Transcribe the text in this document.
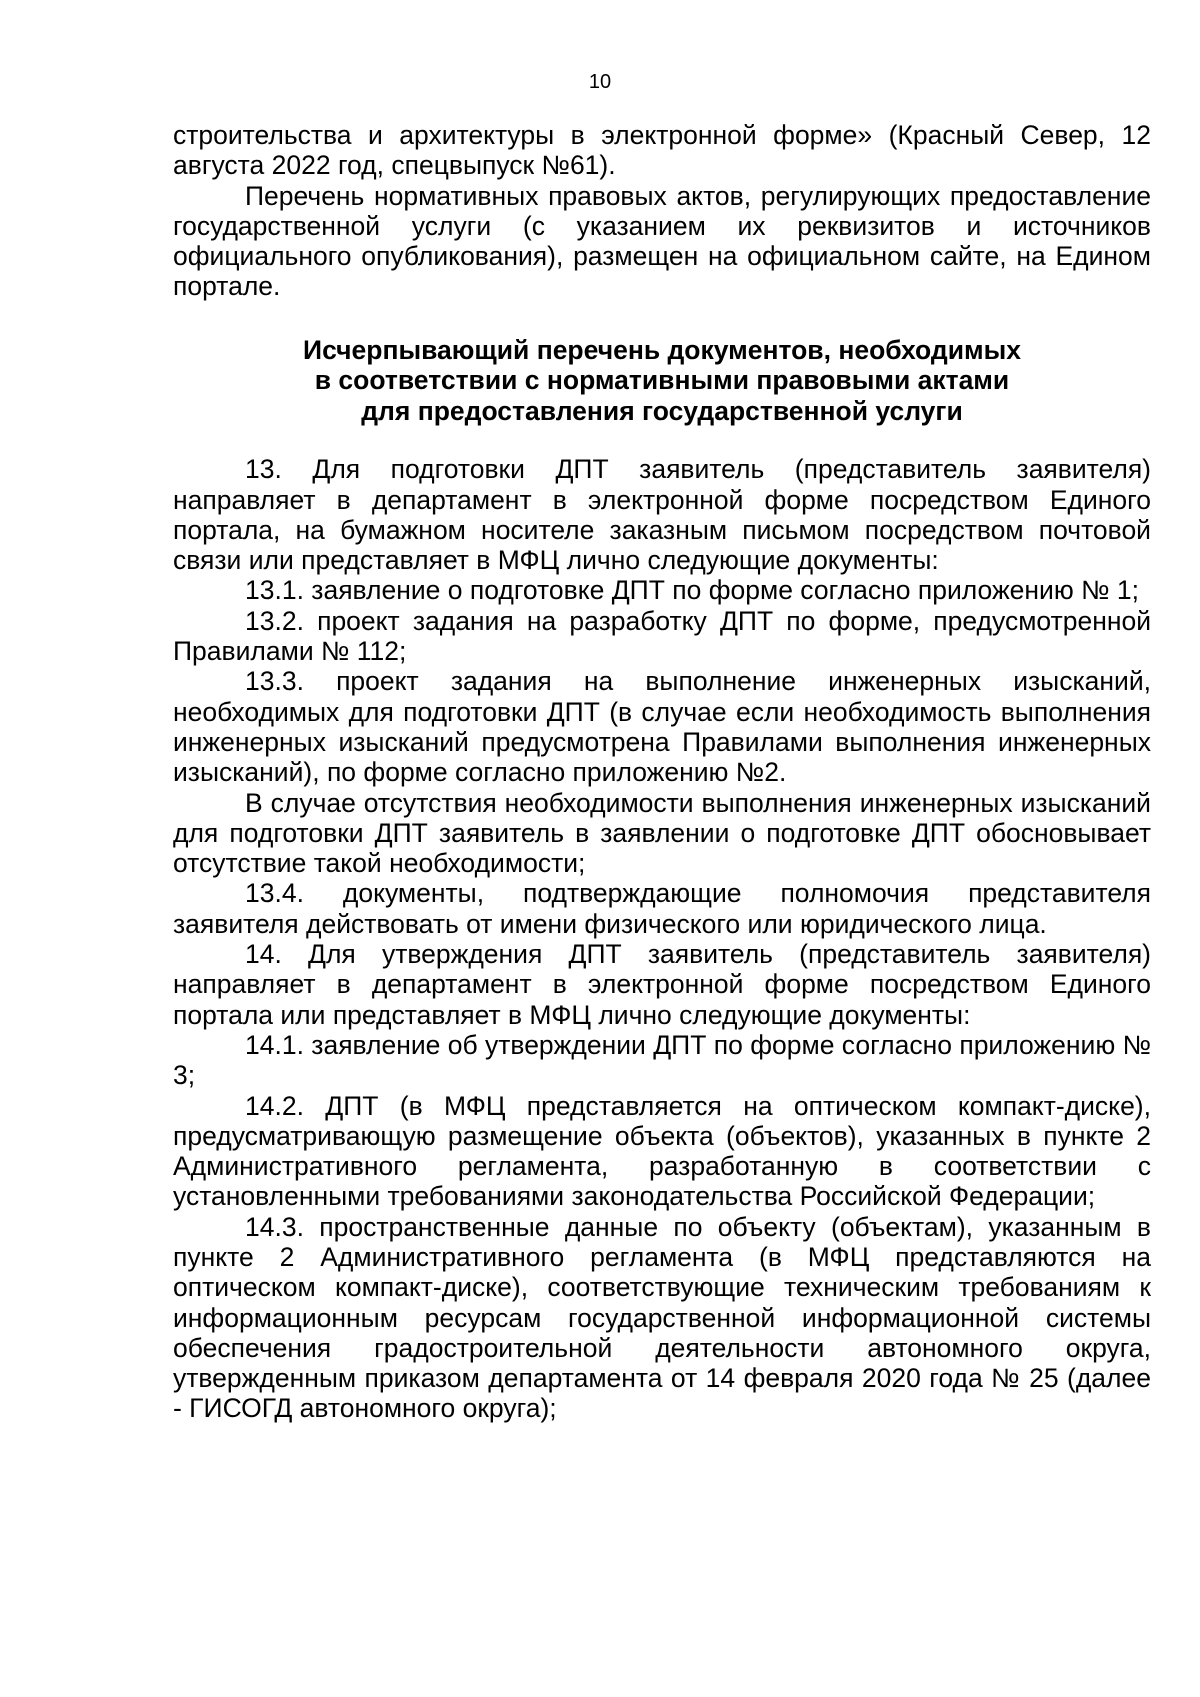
10

строительства и архитектуры в электронной форме» (Красный Север, 12 августа 2022 год, спецвыпуск №61).

Перечень нормативных правовых актов, регулирующих предоставление государственной услуги (с указанием их реквизитов и источников официального опубликования), размещен на официальном сайте, на Едином портале.

Исчерпывающий перечень документов, необходимых
в соответствии с нормативными правовыми актами
для предоставления государственной услуги

13. Для подготовки ДПТ заявитель (представитель заявителя) направляет в департамент в электронной форме посредством Единого портала, на бумажном носителе заказным письмом посредством почтовой связи или представляет в МФЦ лично следующие документы:

13.1. заявление о подготовке ДПТ по форме согласно приложению № 1;

13.2. проект задания на разработку ДПТ по форме, предусмотренной Правилами № 112;

13.3. проект задания на выполнение инженерных изысканий, необходимых для подготовки ДПТ (в случае если необходимость выполнения инженерных изысканий предусмотрена Правилами выполнения инженерных изысканий), по форме согласно приложению №2.

В случае отсутствия необходимости выполнения инженерных изысканий для подготовки ДПТ заявитель в заявлении о подготовке ДПТ обосновывает отсутствие такой необходимости;

13.4. документы, подтверждающие полномочия представителя заявителя действовать от имени физического или юридического лица.

14. Для утверждения ДПТ заявитель (представитель заявителя) направляет в департамент в электронной форме посредством Единого портала или представляет в МФЦ лично следующие документы:

14.1. заявление об утверждении ДПТ по форме согласно приложению № 3;

14.2. ДПТ (в МФЦ представляется на оптическом компакт-диске), предусматривающую размещение объекта (объектов), указанных в пункте 2 Административного регламента, разработанную в соответствии с установленными требованиями законодательства Российской Федерации;

14.3. пространственные данные по объекту (объектам), указанным в пункте 2 Административного регламента (в МФЦ представляются на оптическом компакт-диске), соответствующие техническим требованиям к информационным ресурсам государственной информационной системы обеспечения градостроительной деятельности автономного округа, утвержденным приказом департамента от 14 февраля 2020 года № 25 (далее - ГИСОГД автономного округа);
